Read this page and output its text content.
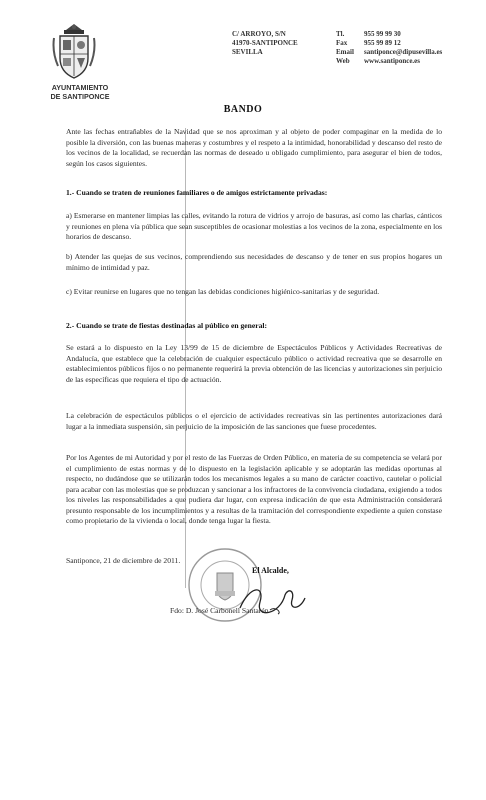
AYUNTAMIENTO
DE SANTIPONCE
C/ ARROYO, S/N
41970-SANTIPONCE
SEVILLA
Tl.	955 99 99 30
Fax 955 99 89 12
Email santiponce@dipusevilla.es
Web www.santiponce.es
BANDO
Ante las fechas entrañables de la Navidad que se nos aproximan y al objeto de poder compaginar en la medida de lo posible la diversión, con las buenas maneras y costumbres y el respeto a la intimidad, honorabilidad y descanso del resto de los vecinos de la localidad, se recuerdan las normas de deseado u obligado cumplimiento, para asegurar el bien de todos, según los casos siguientes.
1.- Cuando se traten de reuniones familiares o de amigos estrictamente privadas:
a) Esmerarse en mantener limpias las calles, evitando la rotura de vidrios y arrojo de basuras, así como las charlas, cánticos y reuniones en plena vía pública que sean susceptibles de ocasionar molestias a los vecinos de la zona, especialmente en los horarios de descanso.
b) Atender las quejas de sus vecinos, comprendiendo sus necesidades de descanso y de tener en sus propios hogares un mínimo de intimidad y paz.
c) Evitar reunirse en lugares que no tengan las debidas condiciones higiénico-sanitarias y de seguridad.
2.- Cuando se trate de fiestas destinadas al público en general:
Se estará a lo dispuesto en la Ley 13/99 de 15 de diciembre de Espectáculos Públicos y Actividades Recreativas de Andalucía, que establece que la celebración de cualquier espectáculo público o actividad recreativa que se desarrolle en establecimientos públicos fijos o no permanente requerirá la previa obtención de las licencias y autorizaciones sin perjuicio de las específicas que requiera el tipo de actuación.
La celebración de espectáculos públicos o el ejercicio de actividades recreativas sin las pertinentes autorizaciones dará lugar a la inmediata suspensión, sin perjuicio de la imposición de las sanciones que fuese procedentes.
Por los Agentes de mi Autoridad y por el resto de las Fuerzas de Orden Público, en materia de su competencia se velará por el cumplimiento de estas normas y de lo dispuesto en la legislación aplicable y se adoptarán las medidas oportunas al respecto, no dudándose que se utilizarán todos los mecanismos legales a su mano de carácter coactivo, cautelar o policial para acabar con las molestias que se produzcan y sancionar a los infractores de la convivencia ciudadana, exigiendo a todos los niveles las responsabilidades a que pudiera dar lugar, con expresa indicación de que esta Administración considerará presunto responsable de los incumplimientos y a resultas de la tramitación del correspondiente expediente a quien constase como propietario de la vivienda o local, donde tenga lugar la fiesta.
Santiponce, 21 de diciembre de 2011.
El Alcalde,
Fdo: D. José Carbonell Santarén
